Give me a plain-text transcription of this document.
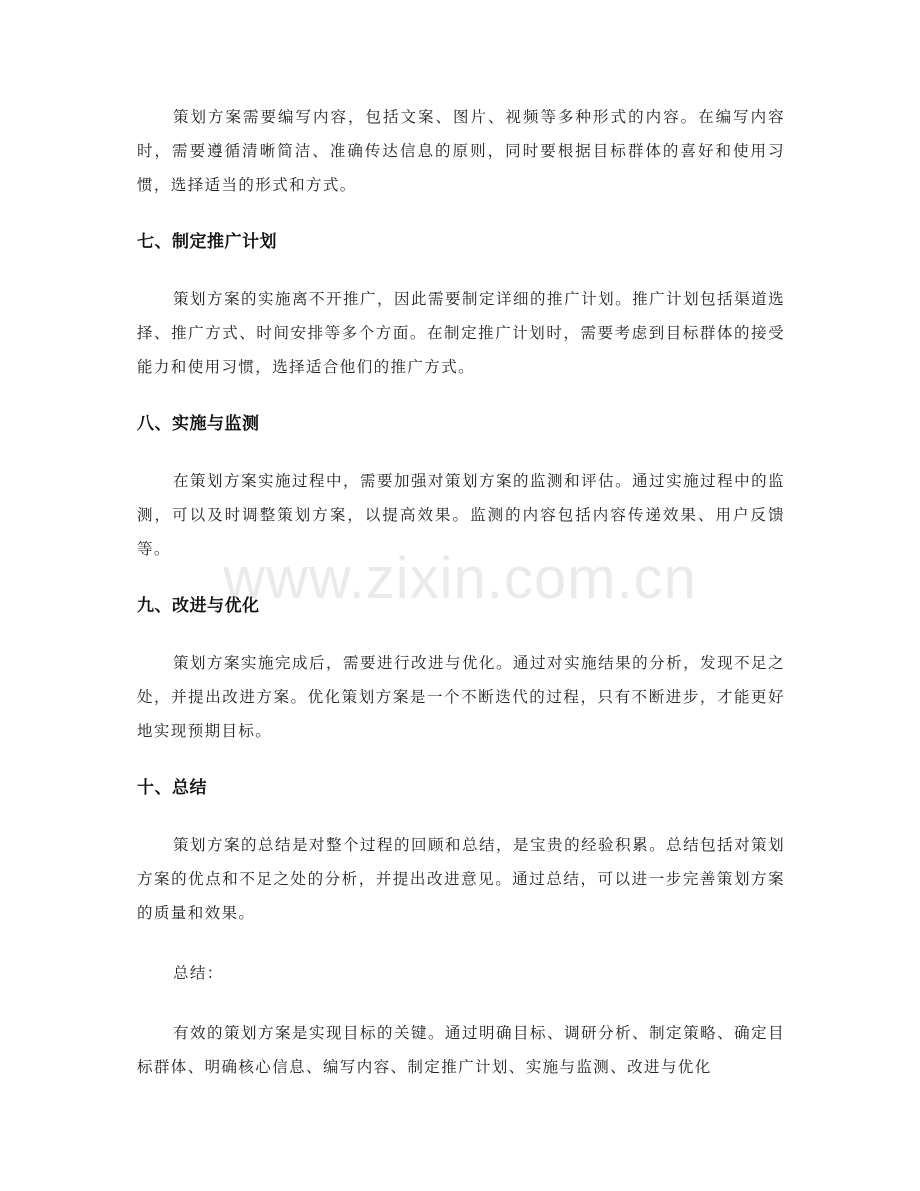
策划方案需要编写内容，包括文案、图片、视频等多种形式的内容。在编写内容时，需要遵循清晰简洁、准确传达信息的原则，同时要根据目标群体的喜好和使用习惯，选择适当的形式和方式。

七、制定推广计划

策划方案的实施离不开推广，因此需要制定详细的推广计划。推广计划包括渠道选择、推广方式、时间安排等多个方面。在制定推广计划时，需要考虑到目标群体的接受能力和使用习惯，选择适合他们的推广方式。

八、实施与监测

在策划方案实施过程中，需要加强对策划方案的监测和评估。通过实施过程中的监测，可以及时调整策划方案，以提高效果。监测的内容包括内容传递效果、用户反馈等。

九、改进与优化

策划方案实施完成后，需要进行改进与优化。通过对实施结果的分析，发现不足之处，并提出改进方案。优化策划方案是一个不断迭代的过程，只有不断进步，才能更好地实现预期目标。

十、总结

策划方案的总结是对整个过程的回顾和总结，是宝贵的经验积累。总结包括对策划方案的优点和不足之处的分析，并提出改进意见。通过总结，可以进一步完善策划方案的质量和效果。

总结：

有效的策划方案是实现目标的关键。通过明确目标、调研分析、制定策略、确定目标群体、明确核心信息、编写内容、制定推广计划、实施与监测、改进与优化

www.zixin.com.cn
